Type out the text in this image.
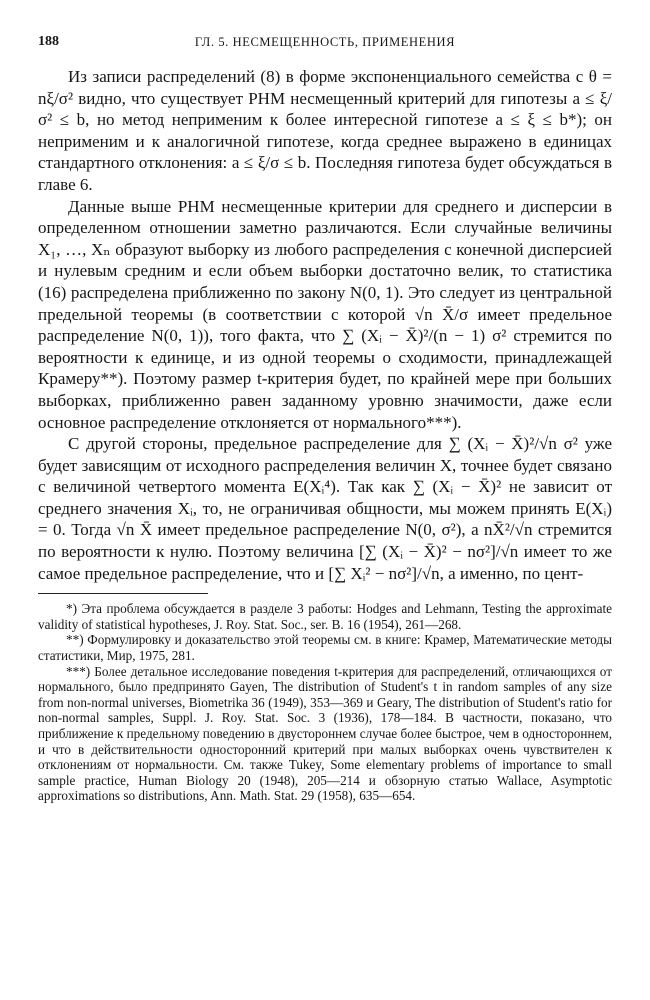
188	ГЛ. 5. НЕСМЕЩЕННОСТЬ, ПРИМЕНЕНИЯ

Из записи распределений (8) в форме экспоненциального семейства с θ = nξ/σ² видно, что существует РНМ несмещенный критерий для гипотезы a ≤ ξ/σ² ≤ b, но метод неприменим к более интересной гипотезе a ≤ ξ ≤ b*); он неприменим и к аналогичной гипотезе, когда среднее выражено в единицах стандартного отклонения: a ≤ ξ/σ ≤ b. Последняя гипотеза будет обсуждаться в главе 6.

Данные выше РНМ несмещенные критерии для среднего и дисперсии в определенном отношении заметно различаются. Если случайные величины X₁, …, Xₙ образуют выборку из любого распределения с конечной дисперсией и нулевым средним и если объем выборки достаточно велик, то статистика (16) распределена приближенно по закону N(0, 1). Это следует из центральной предельной теоремы (в соответствии с которой √n X̄/σ имеет предельное распределение N(0, 1)), того факта, что ∑ (Xᵢ − X̄)²/(n − 1) σ² стремится по вероятности к единице, и из одной теоремы о сходимости, принадлежащей Крамеру**). Поэтому размер t-критерия будет, по крайней мере при больших выборках, приближенно равен заданному уровню значимости, даже если основное распределение отклоняется от нормального***).

С другой стороны, предельное распределение для ∑ (Xᵢ − X̄)²/√n σ² уже будет зависящим от исходного распределения величин X, точнее будет связано с величиной четвертого момента E(Xᵢ⁴). Так как ∑ (Xᵢ − X̄)² не зависит от среднего значения Xᵢ, то, не ограничивая общности, мы можем принять E(Xᵢ) = 0. Тогда √n X̄ имеет предельное распределение N(0, σ²), а nX̄²/√n стремится по вероятности к нулю. Поэтому величина [∑ (Xᵢ − X̄)² − nσ²]/√n имеет то же самое предельное распределение, что и [∑ Xᵢ² − nσ²]/√n, а именно, по цент-

*) Эта проблема обсуждается в разделе 3 работы: Hodges and Lehmann, Testing the approximate validity of statistical hypotheses, J. Roy. Stat. Soc., ser. B. 16 (1954), 261—268.

**) Формулировку и доказательство этой теоремы см. в книге: Крамер, Математические методы статистики, Мир, 1975, 281.

***) Более детальное исследование поведения t-критерия для распределений, отличающихся от нормального, было предпринято Gayen, The distribution of Student's t in random samples of any size from non-normal universes, Biometrika 36 (1949), 353—369 и Geary, The distribution of Student's ratio for non-normal samples, Suppl. J. Roy. Stat. Soc. 3 (1936), 178—184. В частности, показано, что приближение к предельному поведению в двустороннем случае более быстрое, чем в одностороннем, и что в действительности односторонний критерий при малых выборках очень чувствителен к отклонениям от нормальности. См. также Tukey, Some elementary problems of importance to small sample practice, Human Biology 20 (1948), 205—214 и обзорную статью Wallace, Asymptotic approximations so distributions, Ann. Math. Stat. 29 (1958), 635—654.
